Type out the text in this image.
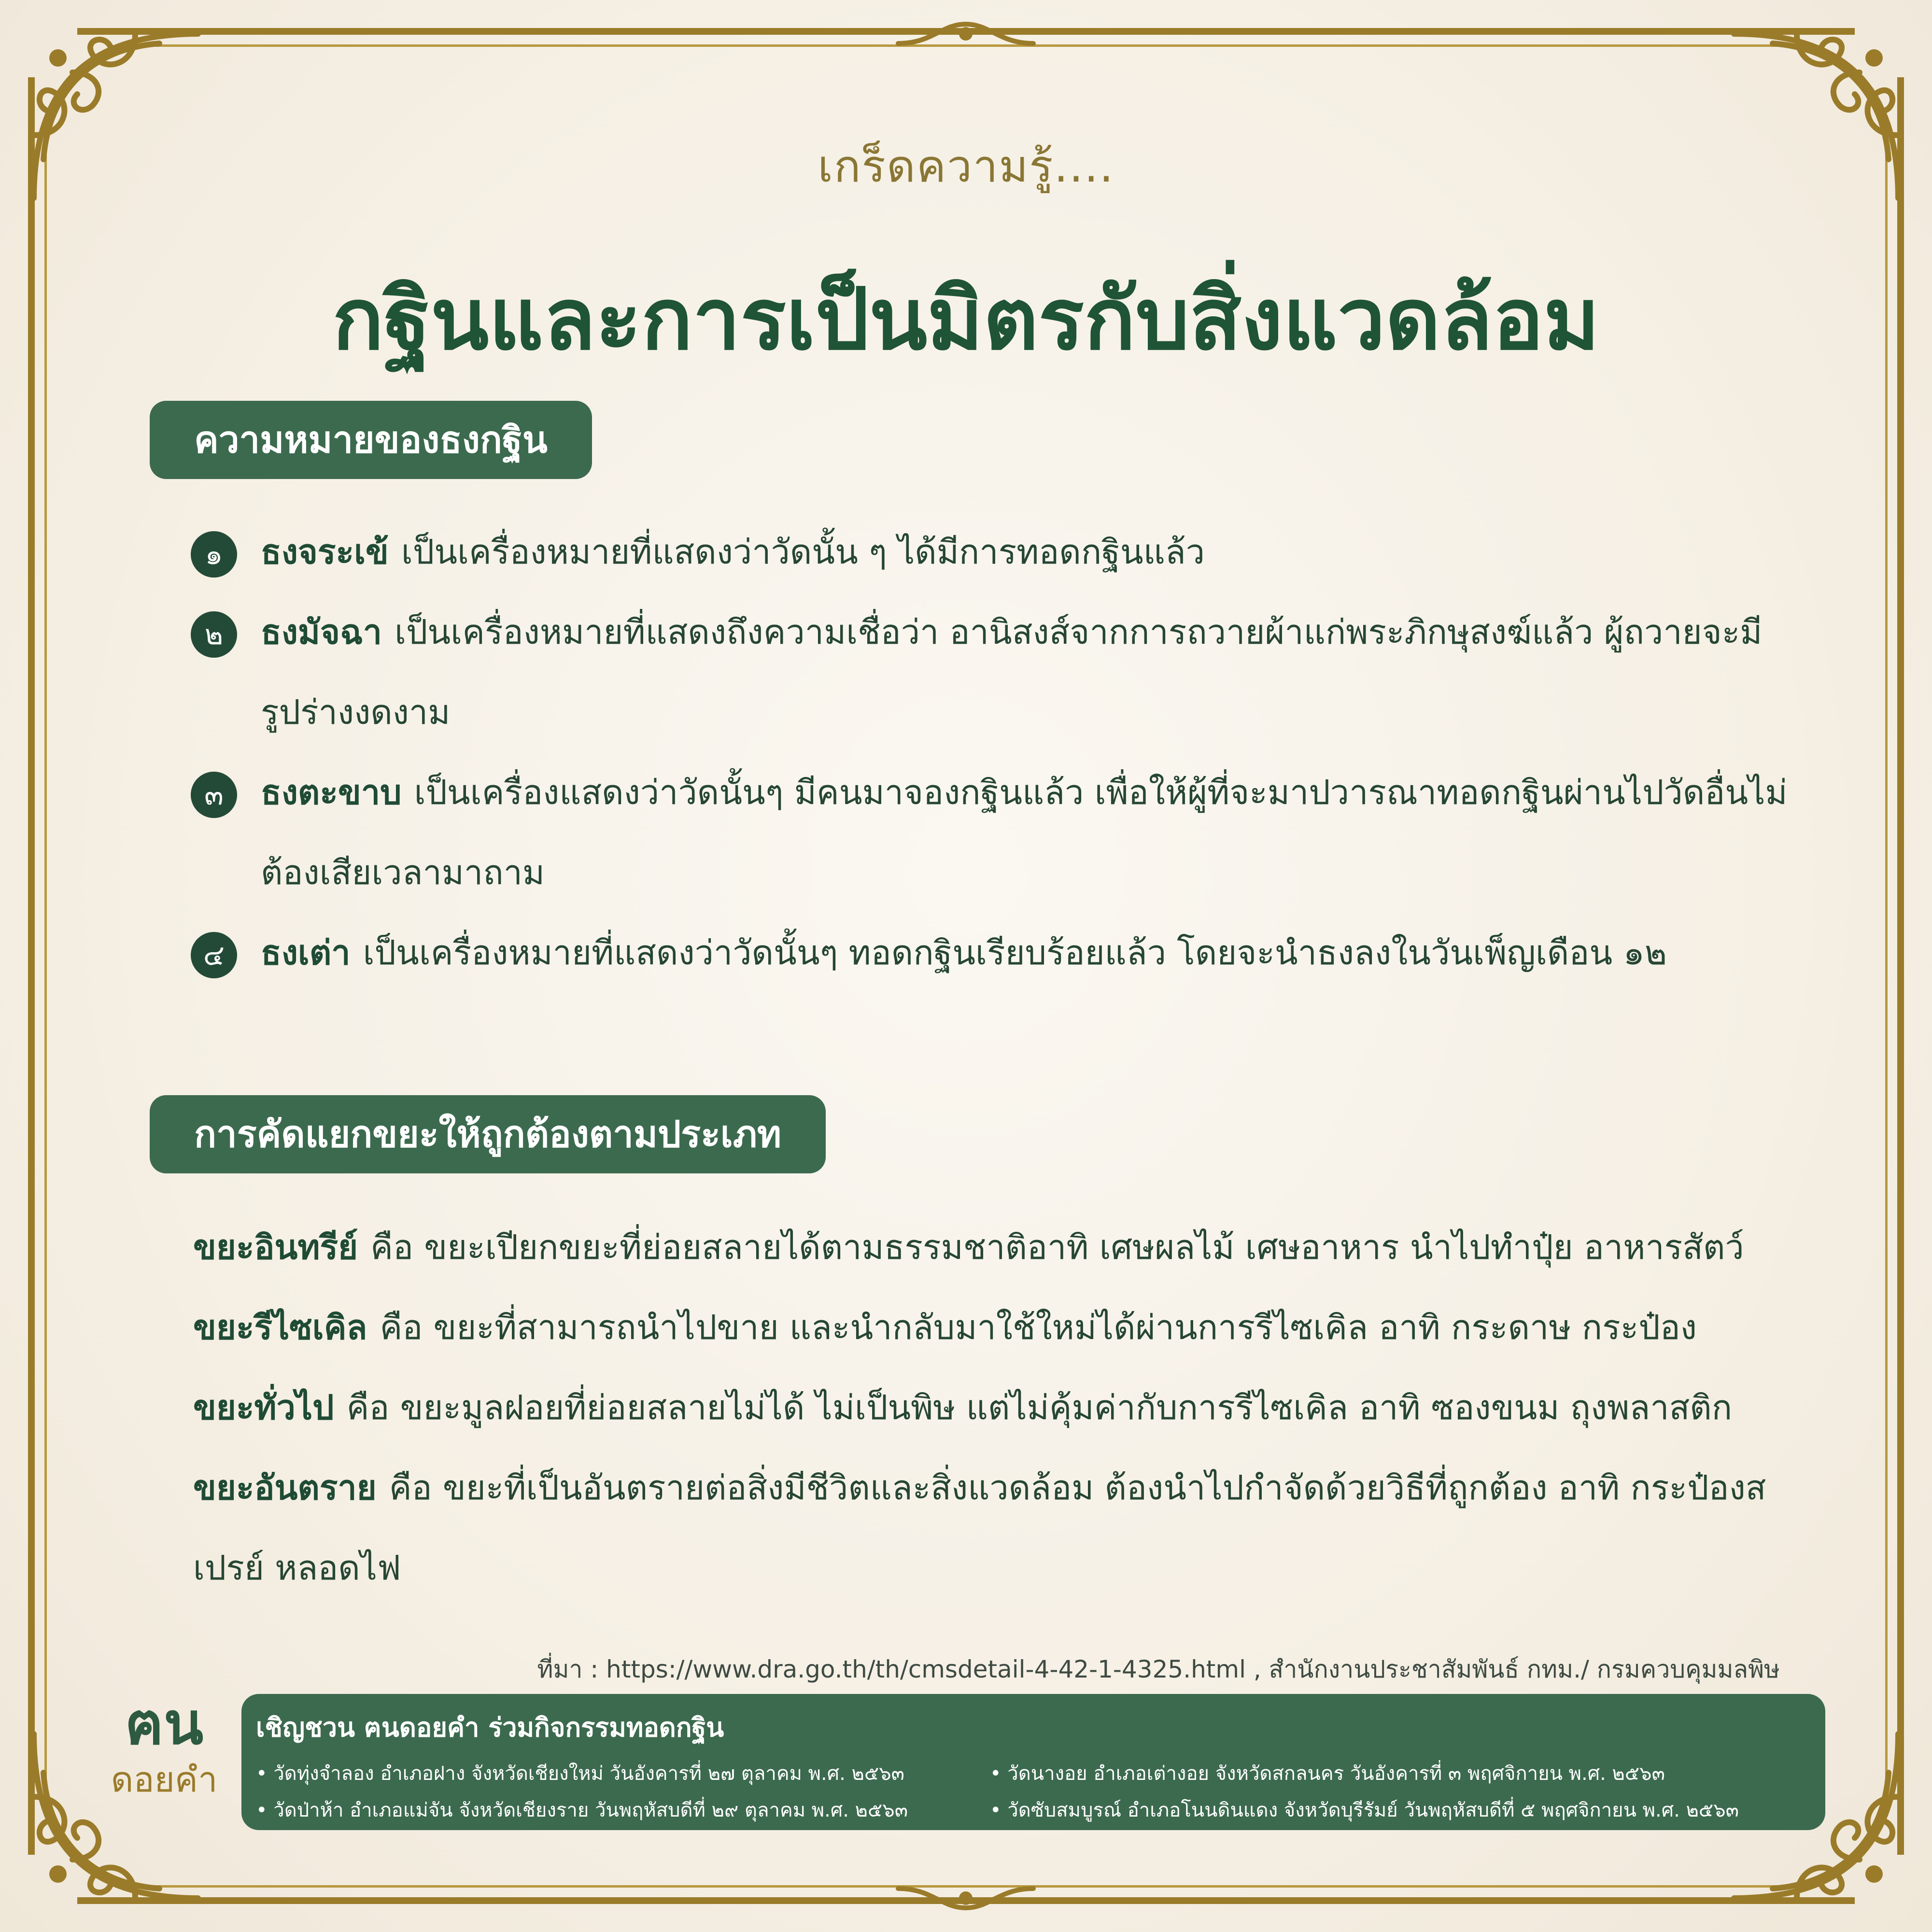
เกร็ดความรู้....
กฐินและการเป็นมิตรกับสิ่งแวดล้อม
ความหมายของธงกฐิน
๑	ธงจระเข้ เป็นเครื่องหมายที่แสดงว่าวัดนั้น ๆ ได้มีการทอดกฐินแล้ว
๒	ธงมัจฉา เป็นเครื่องหมายที่แสดงถึงความเชื่อว่า อานิสงส์จากการถวายผ้าแก่พระภิกษุสงฆ์แล้ว ผู้ถวายจะมีรูปร่างงดงาม
๓	ธงตะขาบ เป็นเครื่องแสดงว่าวัดนั้นๆ มีคนมาจองกฐินแล้ว เพื่อให้ผู้ที่จะมาปวารณาทอดกฐินผ่านไปวัดอื่นไม่ต้องเสียเวลามาถาม
๔	ธงเต่า เป็นเครื่องหมายที่แสดงว่าวัดนั้นๆ ทอดกฐินเรียบร้อยแล้ว โดยจะนำธงลงในวันเพ็ญเดือน ๑๒
การคัดแยกขยะให้ถูกต้องตามประเภท
ขยะอินทรีย์ คือ ขยะเปียกขยะที่ย่อยสลายได้ตามธรรมชาติอาทิ เศษผลไม้ เศษอาหาร นำไปทำปุ๋ย อาหารสัตว์
ขยะรีไซเคิล คือ ขยะที่สามารถนำไปขาย และนำกลับมาใช้ใหม่ได้ผ่านการรีไซเคิล อาทิ กระดาษ กระป๋อง
ขยะทั่วไป คือ ขยะมูลฝอยที่ย่อยสลายไม่ได้ ไม่เป็นพิษ แต่ไม่คุ้มค่ากับการรีไซเคิล อาทิ ซองขนม ถุงพลาสติก
ขยะอันตราย คือ ขยะที่เป็นอันตรายต่อสิ่งมีชีวิตและสิ่งแวดล้อม ต้องนำไปกำจัดด้วยวิธีที่ถูกต้อง อาทิ กระป๋องสเปรย์ หลอดไฟ
ที่มา : https://www.dra.go.th/th/cmsdetail-4-42-1-4325.html , สำนักงานประชาสัมพันธ์ กทม./ กรมควบคุมมลพิษ
ฅน
ดอยคำ
เชิญชวน ฅนดอยคำ ร่วมกิจกรรมทอดกฐิน
• วัดทุ่งจำลอง อำเภอฝาง จังหวัดเชียงใหม่ วันอังคารที่ ๒๗ ตุลาคม พ.ศ. ๒๕๖๓	• วัดนางอย อำเภอเต่างอย จังหวัดสกลนคร วันอังคารที่ ๓ พฤศจิกายน พ.ศ. ๒๕๖๓
• วัดป่าห้า อำเภอแม่จัน จังหวัดเชียงราย วันพฤหัสบดีที่ ๒๙ ตุลาคม พ.ศ. ๒๕๖๓	• วัดซับสมบูรณ์ อำเภอโนนดินแดง จังหวัดบุรีรัมย์ วันพฤหัสบดีที่ ๕ พฤศจิกายน พ.ศ. ๒๕๖๓
